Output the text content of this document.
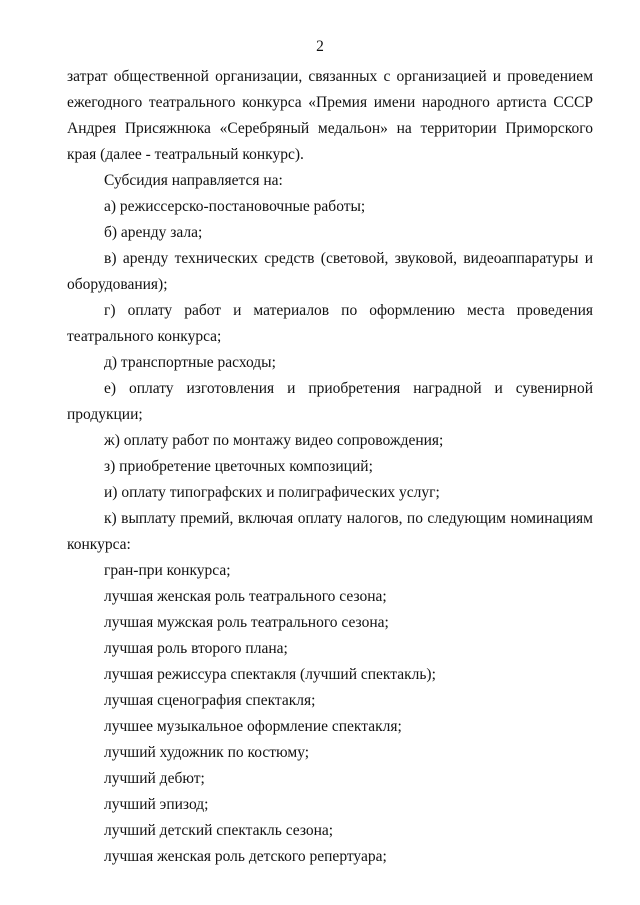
2

затрат общественной организации, связанных с организацией и проведением ежегодного театрального конкурса «Премия имени народного артиста СССР Андрея Присяжнюка «Серебряный медальон» на территории Приморского края (далее - театральный конкурс).

Субсидия направляется на:

а) режиссерско-постановочные работы;

б) аренду зала;

в) аренду технических средств (световой, звуковой, видеоаппаратуры и оборудования);

г) оплату работ и материалов по оформлению места проведения театрального конкурса;

д) транспортные расходы;

е) оплату изготовления и приобретения наградной и сувенирной продукции;

ж) оплату работ по монтажу видео сопровождения;

з) приобретение цветочных композиций;

и) оплату типографских и полиграфических услуг;

к) выплату премий, включая оплату налогов, по следующим номинациям конкурса:

гран-при конкурса;

лучшая женская роль театрального сезона;

лучшая мужская роль театрального сезона;

лучшая роль второго плана;

лучшая режиссура спектакля (лучший спектакль);

лучшая сценография спектакля;

лучшее музыкальное оформление спектакля;

лучший художник по костюму;

лучший дебют;

лучший эпизод;

лучший детский спектакль сезона;

лучшая женская роль детского репертуара;
